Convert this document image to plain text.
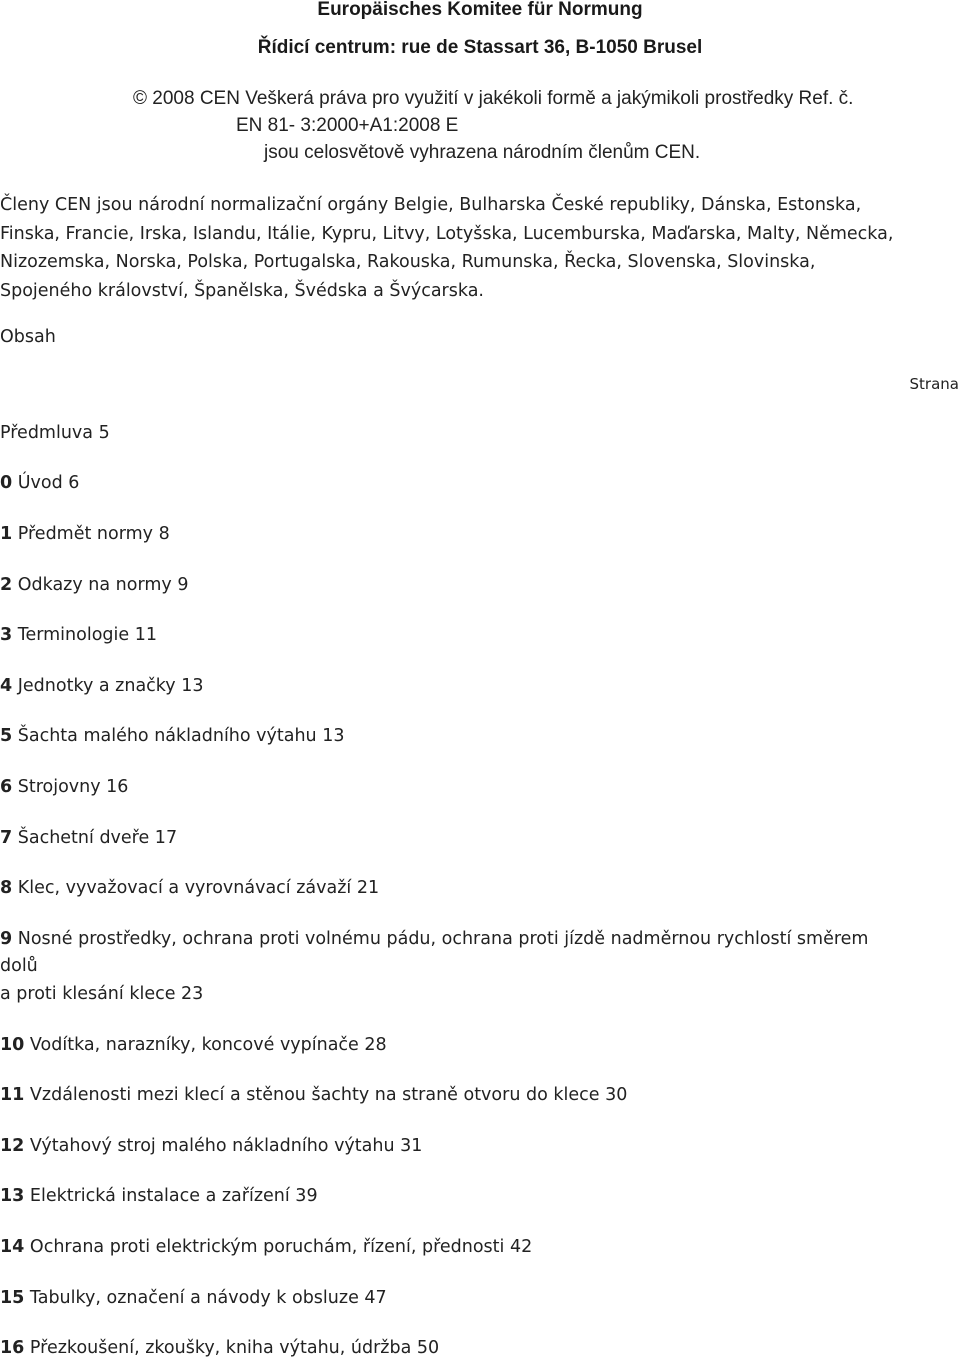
Europäisches Komitee für Normung
Řídicí centrum: rue de Stassart 36, B-1050 Brusel
© 2008 CEN Veškerá práva pro využití v jakékoli formě a jakýmikoli prostředky Ref. č.
EN 81- 3:2000+A1:2008 E
jsou celosvětově vyhrazena národním členům CEN.
Členy CEN jsou národní normalizační orgány Belgie, Bulharska České republiky, Dánska, Estonska,
Finska, Francie, Irska, Islandu, Itálie, Kypru, Litvy, Lotyšska, Lucemburska, Maďarska, Malty, Německa,
Nizozemska, Norska, Polska, Portugalska, Rakouska, Rumunska, Řecka, Slovenska, Slovinska,
Spojeného království, Španělska, Švédska a Švýcarska.
Obsah
Strana
Předmluva 5
0 Úvod 6
1 Předmět normy 8
2 Odkazy na normy 9
3 Terminologie 11
4 Jednotky a značky 13
5 Šachta malého nákladního výtahu 13
6 Strojovny 16
7 Šachetní dveře 17
8 Klec, vyvažovací a vyrovnávací závaží 21
9 Nosné prostředky, ochrana proti volnému pádu, ochrana proti jízdě nadměrnou rychlostí směrem
dolů
a proti klesání klece 23
10 Vodítka, narazníky, koncové vypínače 28
11 Vzdálenosti mezi klecí a stěnou šachty na straně otvoru do klece 30
12 Výtahový stroj malého nákladního výtahu 31
13 Elektrická instalace a zařízení 39
14 Ochrana proti elektrickým poruchám, řízení, přednosti 42
15 Tabulky, označení a návody k obsluze 47
16 Přezkoušení, zkoušky, kniha výtahu, údržba 50
